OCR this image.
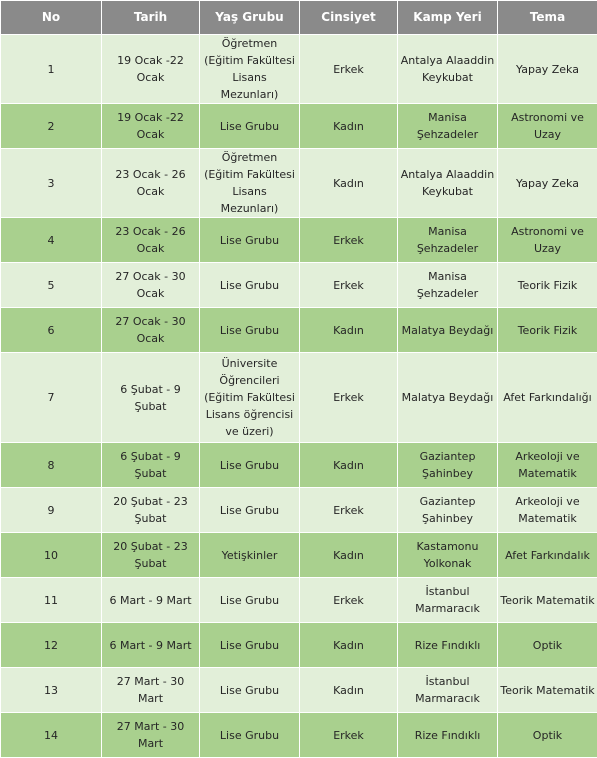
No	Tarih	Yaş Grubu	Cinsiyet	Kamp Yeri	Tema
1	19 Ocak -22 Ocak	Öğretmen (Eğitim Fakültesi Lisans Mezunları)	Erkek	Antalya Alaaddin Keykubat	Yapay Zeka
2	19 Ocak -22 Ocak	Lise Grubu	Kadın	Manisa Şehzadeler	Astronomi ve Uzay
3	23 Ocak - 26 Ocak	Öğretmen (Eğitim Fakültesi Lisans Mezunları)	Kadın	Antalya Alaaddin Keykubat	Yapay Zeka
4	23 Ocak - 26 Ocak	Lise Grubu	Erkek	Manisa Şehzadeler	Astronomi ve Uzay
5	27 Ocak - 30 Ocak	Lise Grubu	Erkek	Manisa Şehzadeler	Teorik Fizik
6	27 Ocak - 30 Ocak	Lise Grubu	Kadın	Malatya Beydağı	Teorik Fizik
7	6 Şubat - 9 Şubat	Üniversite Öğrencileri (Eğitim Fakültesi Lisans öğrencisi ve üzeri)	Erkek	Malatya Beydağı	Afet Farkındalığı
8	6 Şubat - 9 Şubat	Lise Grubu	Kadın	Gaziantep Şahinbey	Arkeoloji ve Matematik
9	20 Şubat - 23 Şubat	Lise Grubu	Erkek	Gaziantep Şahinbey	Arkeoloji ve Matematik
10	20 Şubat - 23 Şubat	Yetişkinler	Kadın	Kastamonu Yolkonak	Afet Farkındalık
11	6 Mart - 9 Mart	Lise Grubu	Erkek	İstanbul Marmaracık	Teorik Matematik
12	6 Mart - 9 Mart	Lise Grubu	Kadın	Rize Fındıklı	Optik
13	27 Mart - 30 Mart	Lise Grubu	Kadın	İstanbul Marmaracık	Teorik Matematik
14	27 Mart - 30 Mart	Lise Grubu	Erkek	Rize Fındıklı	Optik
